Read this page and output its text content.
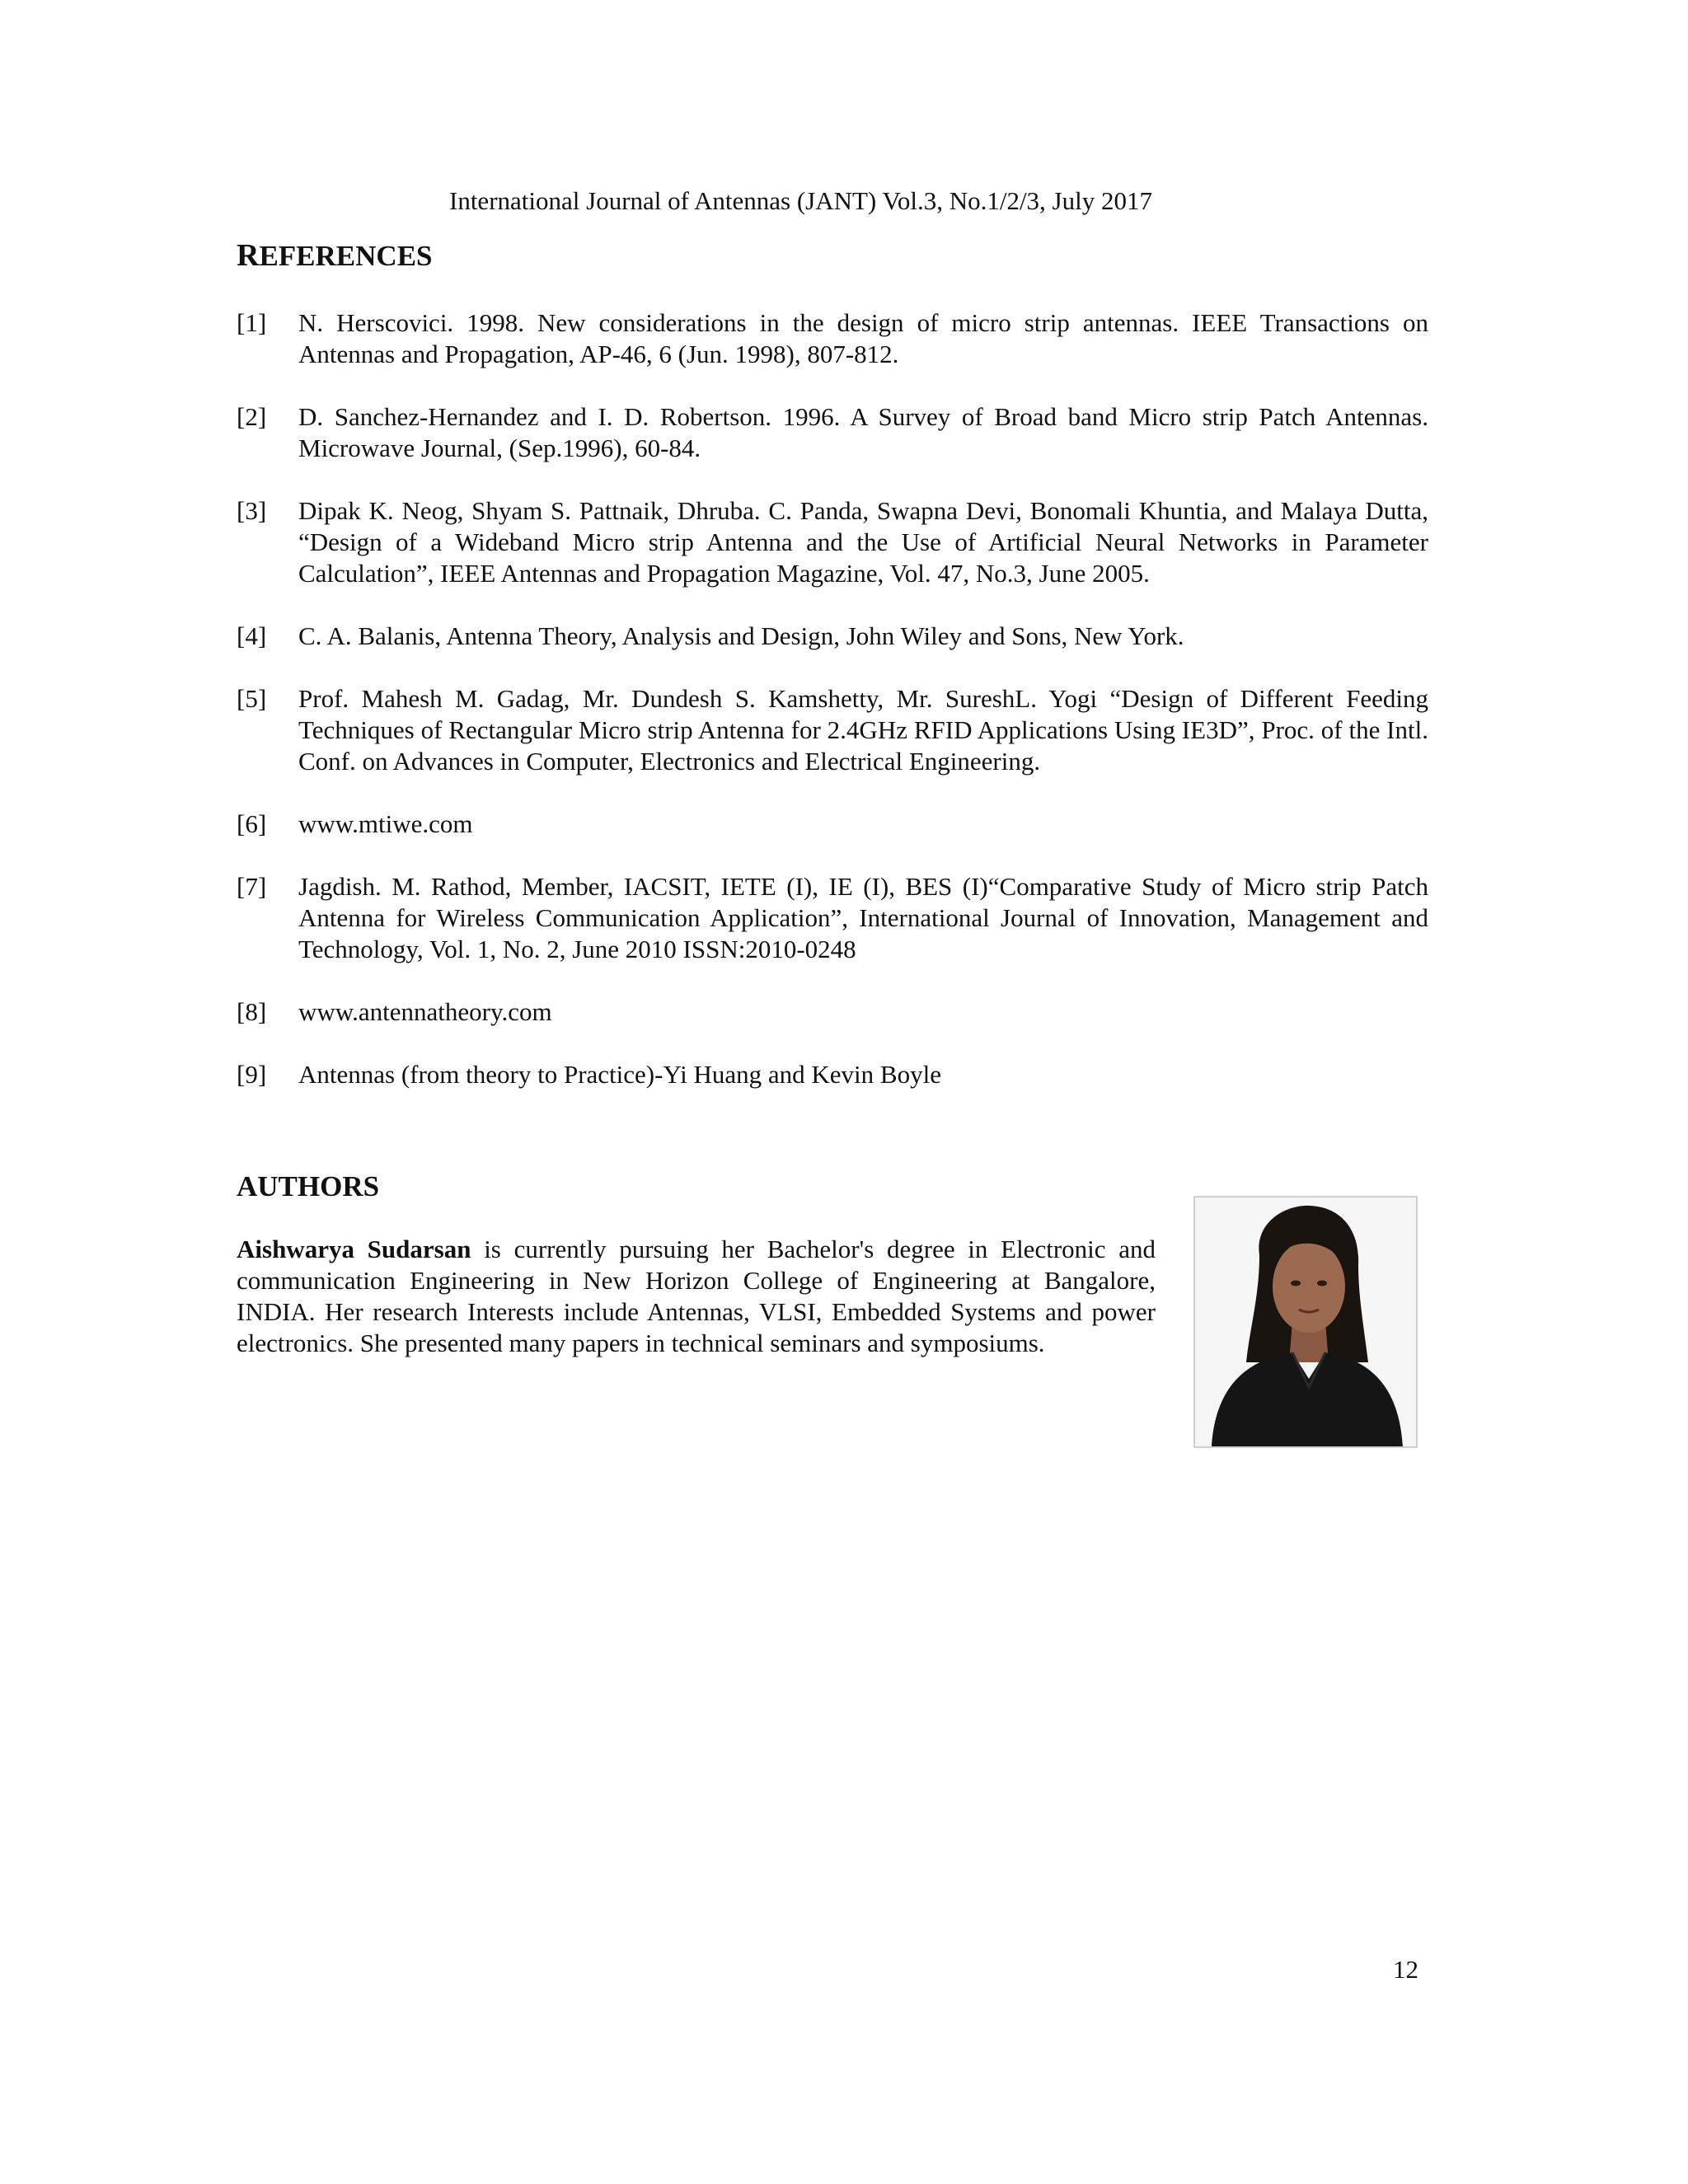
International Journal of Antennas (JANT) Vol.3, No.1/2/3, July 2017
REFERENCES
[1] N. Herscovici. 1998. New considerations in the design of micro strip antennas. IEEE Transactions on Antennas and Propagation, AP-46, 6 (Jun. 1998), 807-812.
[2] D. Sanchez-Hernandez and I. D. Robertson. 1996. A Survey of Broad band Micro strip Patch Antennas. Microwave Journal, (Sep.1996), 60-84.
[3] Dipak K. Neog, Shyam S. Pattnaik, Dhruba. C. Panda, Swapna Devi, Bonomali Khuntia, and Malaya Dutta, “Design of a Wideband Micro strip Antenna and the Use of Artificial Neural Networks in Parameter Calculation”, IEEE Antennas and Propagation Magazine, Vol. 47, No.3, June 2005.
[4] C. A. Balanis, Antenna Theory, Analysis and Design, John Wiley and Sons, New York.
[5] Prof. Mahesh M. Gadag, Mr. Dundesh S. Kamshetty, Mr. SureshL. Yogi “Design of Different Feeding Techniques of Rectangular Micro strip Antenna for 2.4GHz RFID Applications Using IE3D”, Proc. of the Intl. Conf. on Advances in Computer, Electronics and Electrical Engineering.
[6] www.mtiwe.com
[7] Jagdish. M. Rathod, Member, IACSIT, IETE (I), IE (I), BES (I)“Comparative Study of Micro strip Patch Antenna for Wireless Communication Application”, International Journal of Innovation, Management and Technology, Vol. 1, No. 2, June 2010 ISSN:2010-0248
[8] www.antennatheory.com
[9] Antennas (from theory to Practice)-Yi Huang and Kevin Boyle
AUTHORS

Aishwarya Sudarsan is currently pursuing her Bachelor's degree in Electronic and communication Engineering in New Horizon College of Engineering at Bangalore, INDIA. Her research Interests include Antennas, VLSI, Embedded Systems and power electronics. She presented many papers in technical seminars and symposiums.

12
